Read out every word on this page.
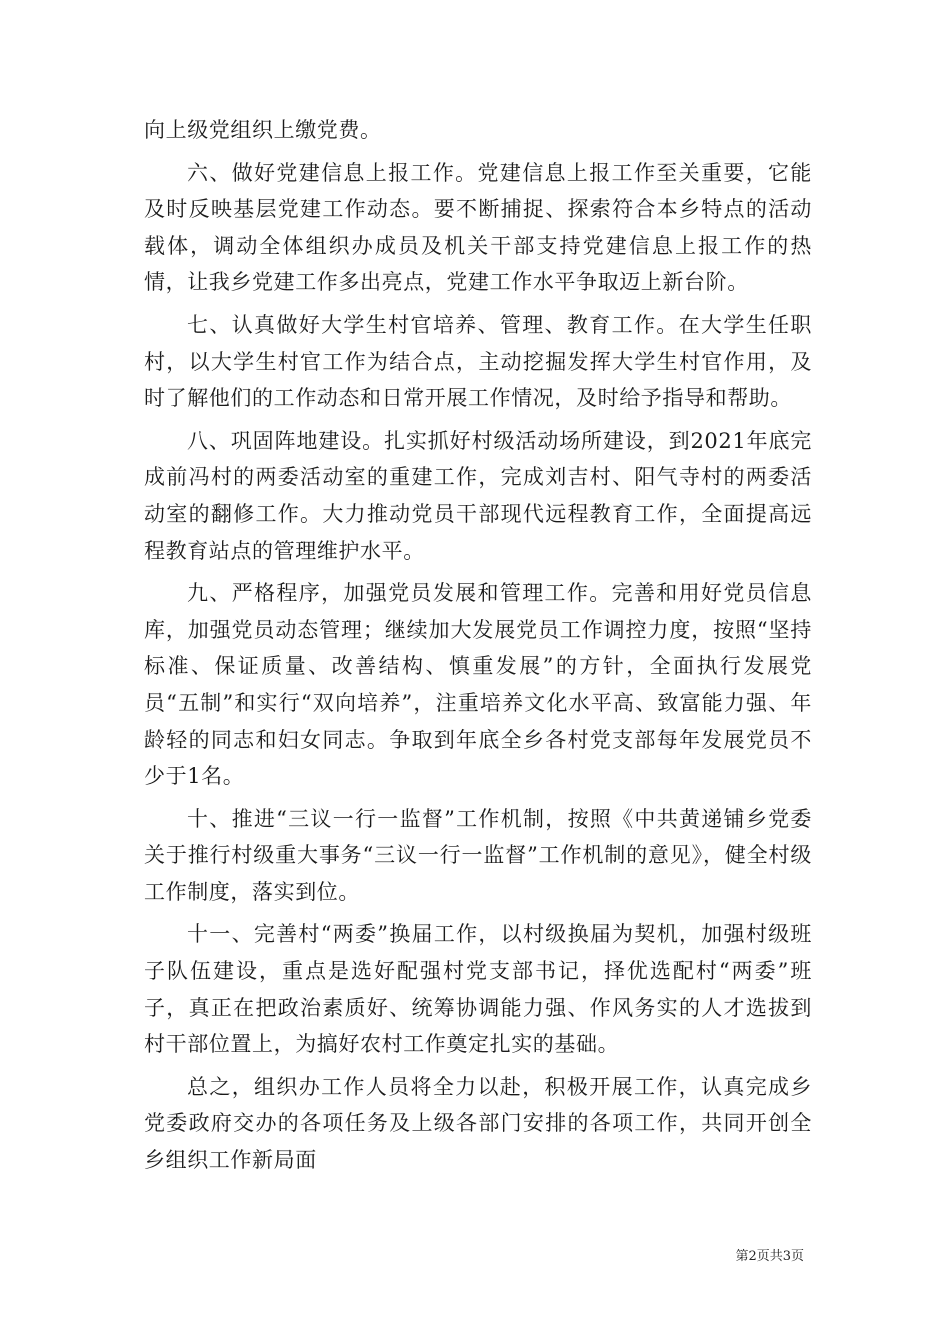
向上级党组织上缴党费。

六、做好党建信息上报工作。党建信息上报工作至关重要，它能及时反映基层党建工作动态。要不断捕捉、探索符合本乡特点的活动载体，调动全体组织办成员及机关干部支持党建信息上报工作的热情，让我乡党建工作多出亮点，党建工作水平争取迈上新台阶。

七、认真做好大学生村官培养、管理、教育工作。在大学生任职村，以大学生村官工作为结合点，主动挖掘发挥大学生村官作用，及时了解他们的工作动态和日常开展工作情况，及时给予指导和帮助。

八、巩固阵地建设。扎实抓好村级活动场所建设，到2021年底完成前冯村的两委活动室的重建工作，完成刘吉村、阳气寺村的两委活动室的翻修工作。大力推动党员干部现代远程教育工作，全面提高远程教育站点的管理维护水平。

九、严格程序，加强党员发展和管理工作。完善和用好党员信息库，加强党员动态管理；继续加大发展党员工作调控力度，按照“坚持标准、保证质量、改善结构、慎重发展”的方针，全面执行发展党员“五制”和实行“双向培养”，注重培养文化水平高、致富能力强、年龄轻的同志和妇女同志。争取到年底全乡各村党支部每年发展党员不少于1名。

十、推进“三议一行一监督”工作机制，按照《中共黄递铺乡党委关于推行村级重大事务“三议一行一监督”工作机制的意见》，健全村级工作制度，落实到位。

十一、完善村“两委”换届工作，以村级换届为契机，加强村级班子队伍建设，重点是选好配强村党支部书记，择优选配村“两委”班子，真正在把政治素质好、统筹协调能力强、作风务实的人才选拔到村干部位置上，为搞好农村工作奠定扎实的基础。

总之，组织办工作人员将全力以赴，积极开展工作，认真完成乡党委政府交办的各项任务及上级各部门安排的各项工作，共同开创全乡组织工作新局面

第2页共3页
